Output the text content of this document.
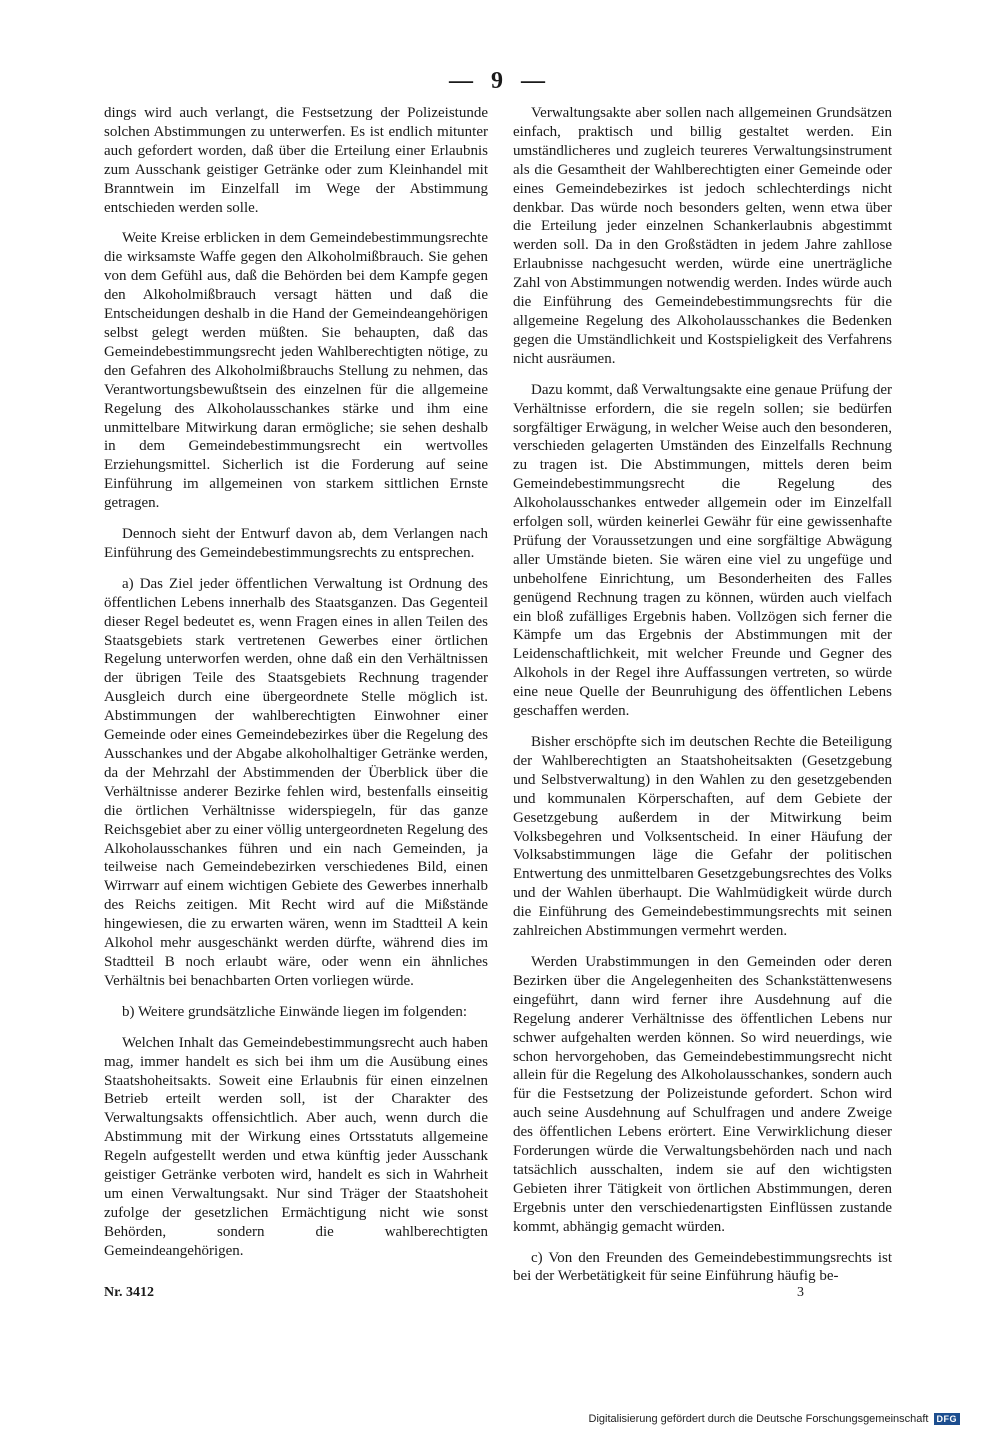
— 9 —

dings wird auch verlangt, die Festsetzung der Polizeistunde solchen Abstimmungen zu unterwerfen. Es ist endlich mitunter auch gefordert worden, daß über die Erteilung einer Erlaubnis zum Ausschank geistiger Getränke oder zum Kleinhandel mit Branntwein im Einzelfall im Wege der Abstimmung entschieden werden solle.

Weite Kreise erblicken in dem Gemeindebestimmungsrechte die wirksamste Waffe gegen den Alkoholmißbrauch. Sie gehen von dem Gefühl aus, daß die Behörden bei dem Kampfe gegen den Alkoholmißbrauch versagt hätten und daß die Entscheidungen deshalb in die Hand der Gemeindeangehörigen selbst gelegt werden müßten. Sie behaupten, daß das Gemeindebestimmungsrecht jeden Wahlberechtigten nötige, zu den Gefahren des Alkoholmißbrauchs Stellung zu nehmen, das Verantwortungsbewußtsein des einzelnen für die allgemeine Regelung des Alkoholausschankes stärke und ihm eine unmittelbare Mitwirkung daran ermögliche; sie sehen deshalb in dem Gemeindebestimmungsrecht ein wertvolles Erziehungsmittel. Sicherlich ist die Forderung auf seine Einführung im allgemeinen von starkem sittlichen Ernste getragen.

Dennoch sieht der Entwurf davon ab, dem Verlangen nach Einführung des Gemeindebestimmungsrechts zu entsprechen.

a) Das Ziel jeder öffentlichen Verwaltung ist Ordnung des öffentlichen Lebens innerhalb des Staatsganzen. Das Gegenteil dieser Regel bedeutet es, wenn Fragen eines in allen Teilen des Staatsgebiets stark vertretenen Gewerbes einer örtlichen Regelung unterworfen werden, ohne daß ein den Verhältnissen der übrigen Teile des Staatsgebiets Rechnung tragender Ausgleich durch eine übergeordnete Stelle möglich ist. Abstimmungen der wahlberechtigten Einwohner einer Gemeinde oder eines Gemeindebezirkes über die Regelung des Ausschankes und der Abgabe alkoholhaltiger Getränke werden, da der Mehrzahl der Abstimmenden der Überblick über die Verhältnisse anderer Bezirke fehlen wird, bestenfalls einseitig die örtlichen Verhältnisse widerspiegeln, für das ganze Reichsgebiet aber zu einer völlig untergeordneten Regelung des Alkoholausschankes führen und ein nach Gemeinden, ja teilweise nach Gemeindebezirken verschiedenes Bild, einen Wirrwarr auf einem wichtigen Gebiete des Gewerbes innerhalb des Reichs zeitigen. Mit Recht wird auf die Mißstände hingewiesen, die zu erwarten wären, wenn im Stadtteil A kein Alkohol mehr ausgeschänkt werden dürfte, während dies im Stadtteil B noch erlaubt wäre, oder wenn ein ähnliches Verhältnis bei benachbarten Orten vorliegen würde.

b) Weitere grundsätzliche Einwände liegen im folgenden:

Welchen Inhalt das Gemeindebestimmungsrecht auch haben mag, immer handelt es sich bei ihm um die Ausübung eines Staatshoheitsakts. Soweit eine Erlaubnis für einen einzelnen Betrieb erteilt werden soll, ist der Charakter des Verwaltungsakts offensichtlich. Aber auch, wenn durch die Abstimmung mit der Wirkung eines Ortsstatuts allgemeine Regeln aufgestellt werden und etwa künftig jeder Ausschank geistiger Getränke verboten wird, handelt es sich in Wahrheit um einen Verwaltungsakt. Nur sind Träger der Staatshoheit zufolge der gesetzlichen Ermächtigung nicht wie sonst Behörden, sondern die wahlberechtigten Gemeindeangehörigen.

Verwaltungsakte aber sollen nach allgemeinen Grundsätzen einfach, praktisch und billig gestaltet werden. Ein umständlicheres und zugleich teureres Verwaltungsinstrument als die Gesamtheit der Wahlberechtigten einer Gemeinde oder eines Gemeindebezirkes ist jedoch schlechterdings nicht denkbar. Das würde noch besonders gelten, wenn etwa über die Erteilung jeder einzelnen Schankerlaubnis abgestimmt werden soll. Da in den Großstädten in jedem Jahre zahllose Erlaubnisse nachgesucht werden, würde eine unerträgliche Zahl von Abstimmungen notwendig werden. Indes würde auch die Einführung des Gemeindebestimmungsrechts für die allgemeine Regelung des Alkoholausschankes die Bedenken gegen die Umständlichkeit und Kostspieligkeit des Verfahrens nicht ausräumen.

Dazu kommt, daß Verwaltungsakte eine genaue Prüfung der Verhältnisse erfordern, die sie regeln sollen; sie bedürfen sorgfältiger Erwägung, in welcher Weise auch den besonderen, verschieden gelagerten Umständen des Einzelfalls Rechnung zu tragen ist. Die Abstimmungen, mittels deren beim Gemeindebestimmungsrecht die Regelung des Alkoholausschankes entweder allgemein oder im Einzelfall erfolgen soll, würden keinerlei Gewähr für eine gewissenhafte Prüfung der Voraussetzungen und eine sorgfältige Abwägung aller Umstände bieten. Sie wären eine viel zu ungefüge und unbeholfene Einrichtung, um Besonderheiten des Falles genügend Rechnung tragen zu können, würden auch vielfach ein bloß zufälliges Ergebnis haben. Vollzögen sich ferner die Kämpfe um das Ergebnis der Abstimmungen mit der Leidenschaftlichkeit, mit welcher Freunde und Gegner des Alkohols in der Regel ihre Auffassungen vertreten, so würde eine neue Quelle der Beunruhigung des öffentlichen Lebens geschaffen werden.

Bisher erschöpfte sich im deutschen Rechte die Beteiligung der Wahlberechtigten an Staatshoheitsakten (Gesetzgebung und Selbstverwaltung) in den Wahlen zu den gesetzgebenden und kommunalen Körperschaften, auf dem Gebiete der Gesetzgebung außerdem in der Mitwirkung beim Volksbegehren und Volksentscheid. In einer Häufung der Volksabstimmungen läge die Gefahr der politischen Entwertung des unmittelbaren Gesetzgebungsrechtes des Volks und der Wahlen überhaupt. Die Wahlmüdigkeit würde durch die Einführung des Gemeindebestimmungsrechts mit seinen zahlreichen Abstimmungen vermehrt werden.

Werden Urabstimmungen in den Gemeinden oder deren Bezirken über die Angelegenheiten des Schankstättenwesens eingeführt, dann wird ferner ihre Ausdehnung auf die Regelung anderer Verhältnisse des öffentlichen Lebens nur schwer aufgehalten werden können. So wird neuerdings, wie schon hervorgehoben, das Gemeindebestimmungsrecht nicht allein für die Regelung des Alkoholausschankes, sondern auch für die Festsetzung der Polizeistunde gefordert. Schon wird auch seine Ausdehnung auf Schulfragen und andere Zweige des öffentlichen Lebens erörtert. Eine Verwirklichung dieser Forderungen würde die Verwaltungsbehörden nach und nach tatsächlich ausschalten, indem sie auf den wichtigsten Gebieten ihrer Tätigkeit von örtlichen Abstimmungen, deren Ergebnis unter den verschiedenartigsten Einflüssen zustande kommt, abhängig gemacht würden.

c) Von den Freunden des Gemeindebestimmungsrechts ist bei der Werbetätigkeit für seine Einführung häufig be-

Nr. 3412	3
Digitalisierung gefördert durch die Deutsche Forschungsgemeinschaft DFG
